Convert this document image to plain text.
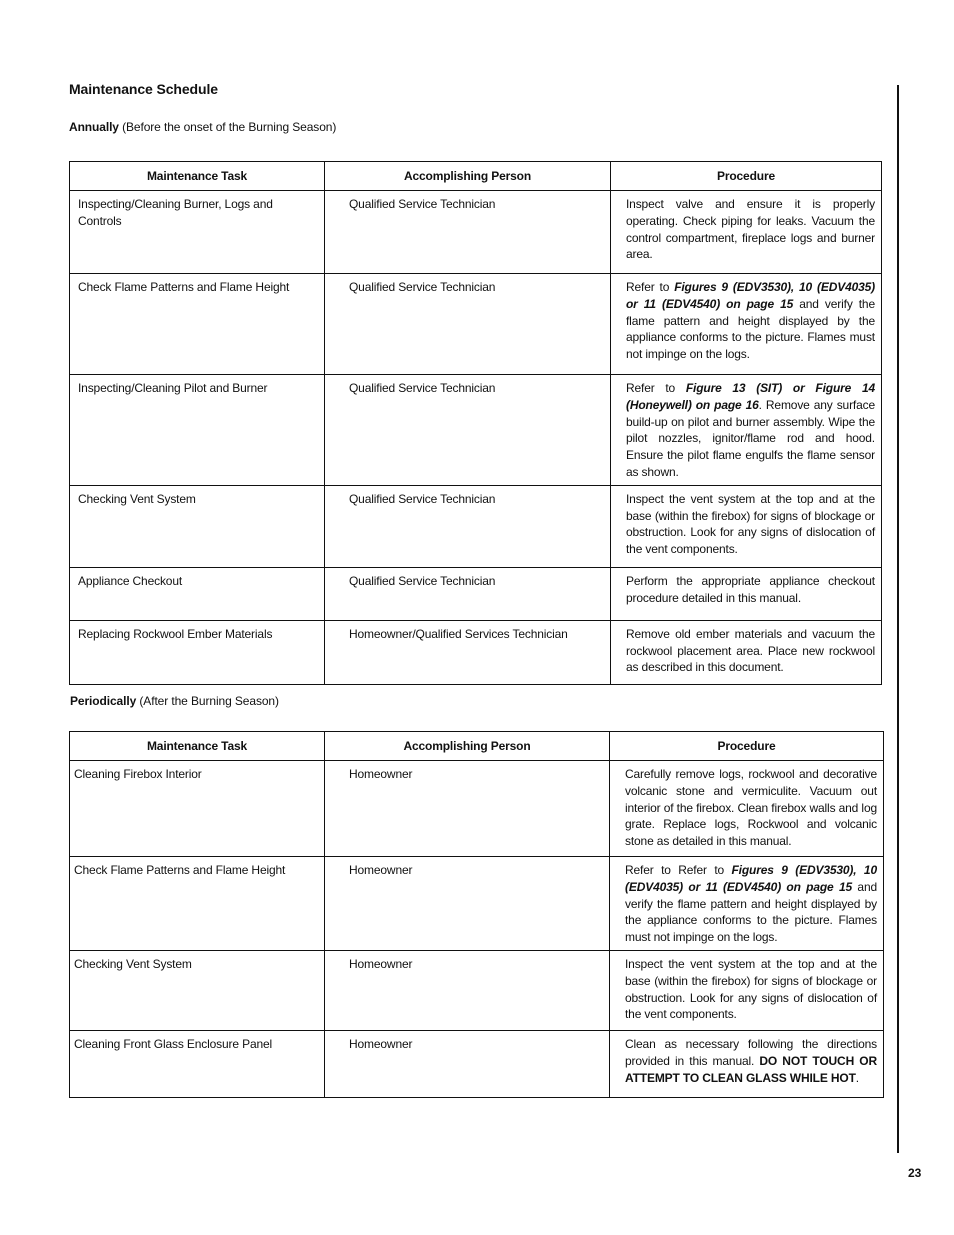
Maintenance Schedule
Annually (Before the onset of the Burning Season)
Maintenance Task	Accomplishing Person	Procedure
Inspecting/Cleaning Burner, Logs and Controls	Qualified Service Technician	Inspect valve and ensure it is properly operating. Check piping for leaks. Vacuum the control compartment, fireplace logs and burner area.
Check Flame Patterns and Flame Height	Qualified Service Technician	Refer to Figures 9 (EDV3530), 10 (EDV4035) or 11 (EDV4540) on page 15 and verify the flame pattern and height displayed by the appliance conforms to the picture. Flames must not impinge on the logs.
Inspecting/Cleaning Pilot and Burner	Qualified Service Technician	Refer to Figure 13 (SIT) or Figure 14 (Honeywell) on page 16. Remove any surface build-up on pilot and burner assembly. Wipe the pilot nozzles, ignitor/flame rod and hood. Ensure the pilot flame engulfs the flame sensor as shown.
Checking Vent System	Qualified Service Technician	Inspect the vent system at the top and at the base (within the firebox) for signs of blockage or obstruction. Look for any signs of dislocation of the vent components.
Appliance Checkout	Qualified Service Technician	Perform the appropriate appliance checkout procedure detailed in this manual.
Replacing Rockwool Ember Materials	Homeowner/Qualified Services Technician	Remove old ember materials and vacuum the rockwool placement area. Place new rockwool as described in this document.
Periodically (After the Burning Season)
Maintenance Task	Accomplishing Person	Procedure
Cleaning Firebox Interior	Homeowner	Carefully remove logs, rockwool and decorative volcanic stone and vermiculite. Vacuum out interior of the firebox. Clean firebox walls and log grate. Replace logs, Rockwool and volcanic stone as detailed in this manual.
Check Flame Patterns and Flame Height	Homeowner	Refer to Refer to Figures 9 (EDV3530), 10 (EDV4035) or 11 (EDV4540) on page 15 and verify the flame pattern and height displayed by the appliance conforms to the picture. Flames must not impinge on the logs.
Checking Vent System	Homeowner	Inspect the vent system at the top and at the base (within the firebox) for signs of blockage or obstruction. Look for any signs of dislocation of the vent components.
Cleaning Front Glass Enclosure Panel	Homeowner	Clean as necessary following the directions provided in this manual. DO NOT TOUCH OR ATTEMPT TO CLEAN GLASS WHILE HOT.
23
